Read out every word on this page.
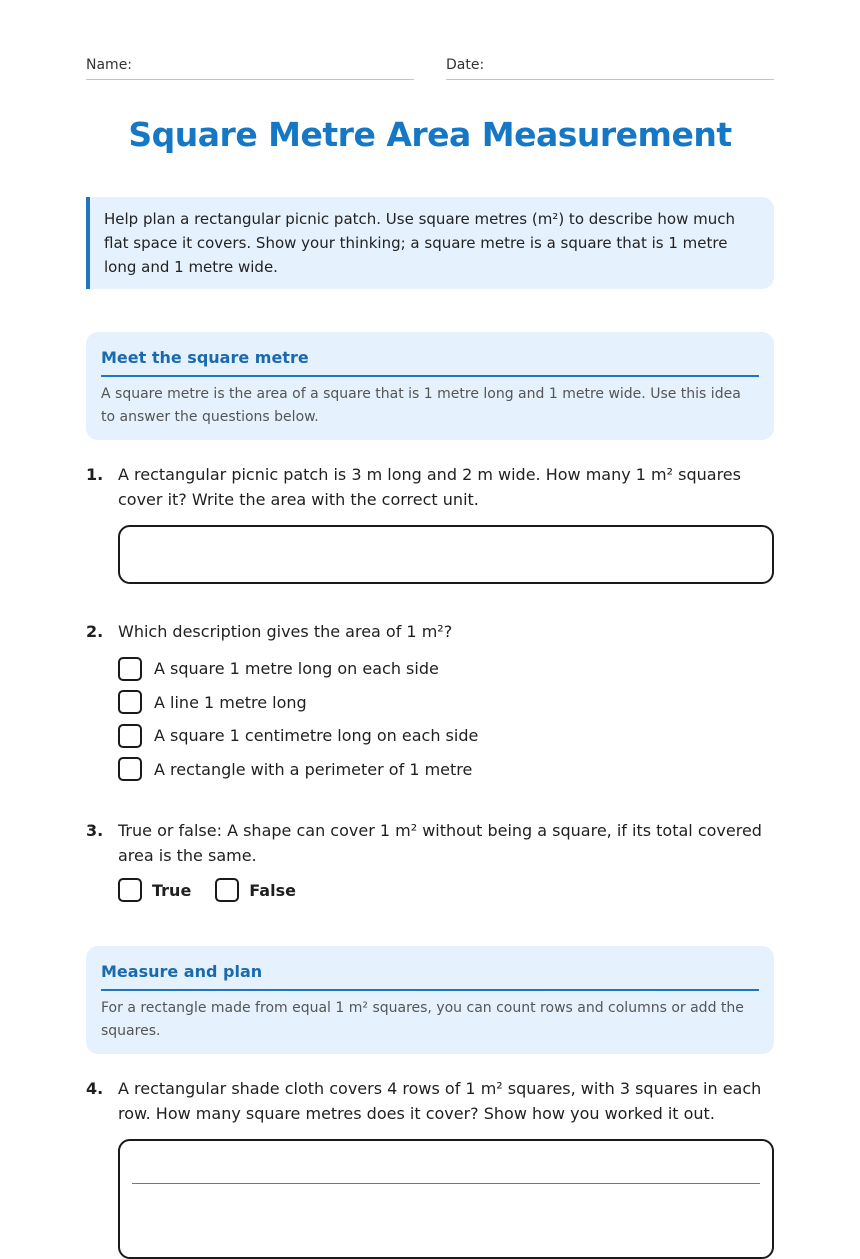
Name:	Date:
Square Metre Area Measurement

Help plan a rectangular picnic patch. Use square metres (m²) to describe how much flat space it covers. Show your thinking; a square metre is a square that is 1 metre long and 1 metre wide.

Meet the square metre

A square metre is the area of a square that is 1 metre long and 1 metre wide. Use this idea to answer the questions below.

1. A rectangular picnic patch is 3 m long and 2 m wide. How many 1 m² squares cover it? Write the area with the correct unit.
2. Which description gives the area of 1 m²?
A square 1 metre long on each side
A line 1 metre long
A square 1 centimetre long on each side
A rectangle with a perimeter of 1 metre
3. True or false: A shape can cover 1 m² without being a square, if its total covered area is the same.
True	False
Measure and plan

For a rectangle made from equal 1 m² squares, you can count rows and columns or add the squares.

4. A rectangular shade cloth covers 4 rows of 1 m² squares, with 3 squares in each row. How many square metres does it cover? Show how you worked it out.
